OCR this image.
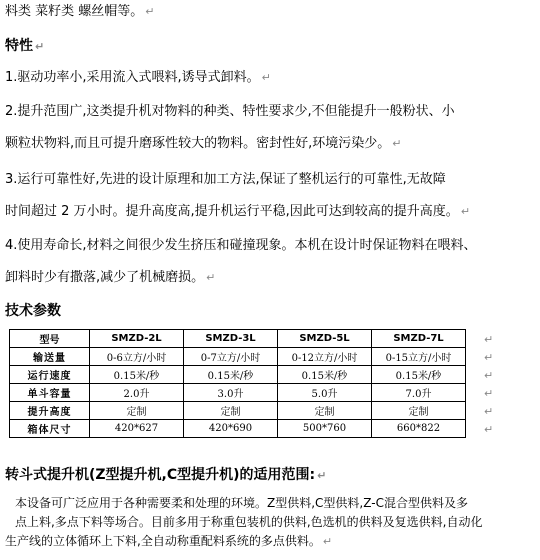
料类 菜籽类 螺丝帽等。 ↵
特性 ↵
1.驱动功率小,采用流入式喂料,诱导式卸料。 ↵
2.提升范围广,这类提升机对物料的种类、特性要求少,不但能提升一般粉状、小
颗粒状物料,而且可提升磨琢性较大的物料。密封性好,环境污染少。 ↵
3.运行可靠性好,先进的设计原理和加工方法,保证了整机运行的可靠性,无故障
时间超过 2 万小时。提升高度高,提升机运行平稳,因此可达到较高的提升高度。 ↵
4.使用寿命长,材料之间很少发生挤压和碰撞现象。本机在设计时保证物料在喂料、
卸料时少有撒落,减少了机械磨损。 ↵
技术参数
型号	SMZD-2L	SMZD-3L	SMZD-5L	SMZD-7L
输送量	0-6立方/小时	0-7立方/小时	0-12立方/小时	0-15立方/小时
运行速度	0.15米/秒	0.15米/秒	0.15米/秒	0.15米/秒
单斗容量	2.0升	3.0升	5.0升	7.0升
提升高度	定制	定制	定制	定制
箱体尺寸	420*627	420*690	500*760	660*822
↵
↵
↵
↵
↵
↵
转斗式提升机(Z型提升机,C型提升机)的适用范围: ↵
本设备可广泛应用于各种需要柔和处理的环境。Z型供料,C型供料,Z-C混合型供料及多
点上料,多点下料等场合。目前多用于称重包装机的供料,色选机的供料及复选供料,自动化
生产线的立体循环上下料,全自动称重配料系统的多点供料。 ↵
